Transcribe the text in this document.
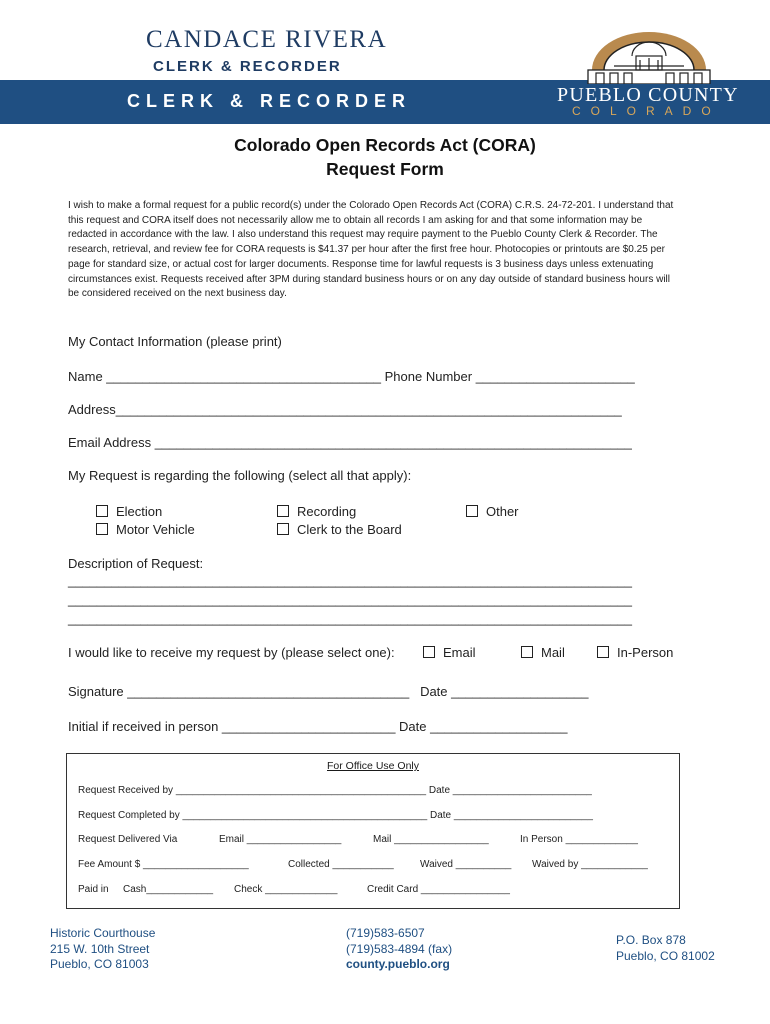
CANDACE RIVERA
CLERK & RECORDER
CLERK & RECORDER	PUEBLO COUNTY
COLORADO
Colorado Open Records Act (CORA)
Request Form
I wish to make a formal request for a public record(s) under the Colorado Open Records Act (CORA) C.R.S. 24-72-201. I understand that this request and CORA itself does not necessarily allow me to obtain all records I am asking for and that some information may be redacted in accordance with the law. I also understand this request may require payment to the Pueblo County Clerk & Recorder. The research, retrieval, and review fee for CORA requests is $41.37 per hour after the first free hour. Photocopies or printouts are $0.25 per page for standard size, or actual cost for larger documents. Response time for lawful requests is 3 business days unless extenuating circumstances exist. Requests received after 3PM during standard business hours or on any day outside of standard business hours will be considered received on the next business day.
My Contact Information (please print)
Name ______________________________________ Phone Number ______________________
Address______________________________________________________________________
Email Address __________________________________________________________________
My Request is regarding the following (select all that apply):
Election
Motor Vehicle
Recording
Clerk to the Board
Other
Description of Request:
______________________________________________________________________________
______________________________________________________________________________
______________________________________________________________________________
I would like to receive my request by (please select one):	Email	Mail	In-Person
Signature _______________________________________   Date ___________________
Initial if received in person ________________________ Date ___________________
For Office Use Only
Request Received by _____________________________________________ Date _________________________
Request Completed by ____________________________________________ Date _________________________
Request Delivered Via	Email _________________	Mail _________________	In Person _____________
Fee Amount $ ___________________	Collected ___________	Waived __________ Waived by ____________
Paid in Cash____________ Check _____________	Credit Card ________________
Historic Courthouse
215 W. 10th Street
Pueblo, CO 81003
(719)583-6507
(719)583-4894 (fax)
county.pueblo.org
P.O. Box 878
Pueblo, CO 81002
